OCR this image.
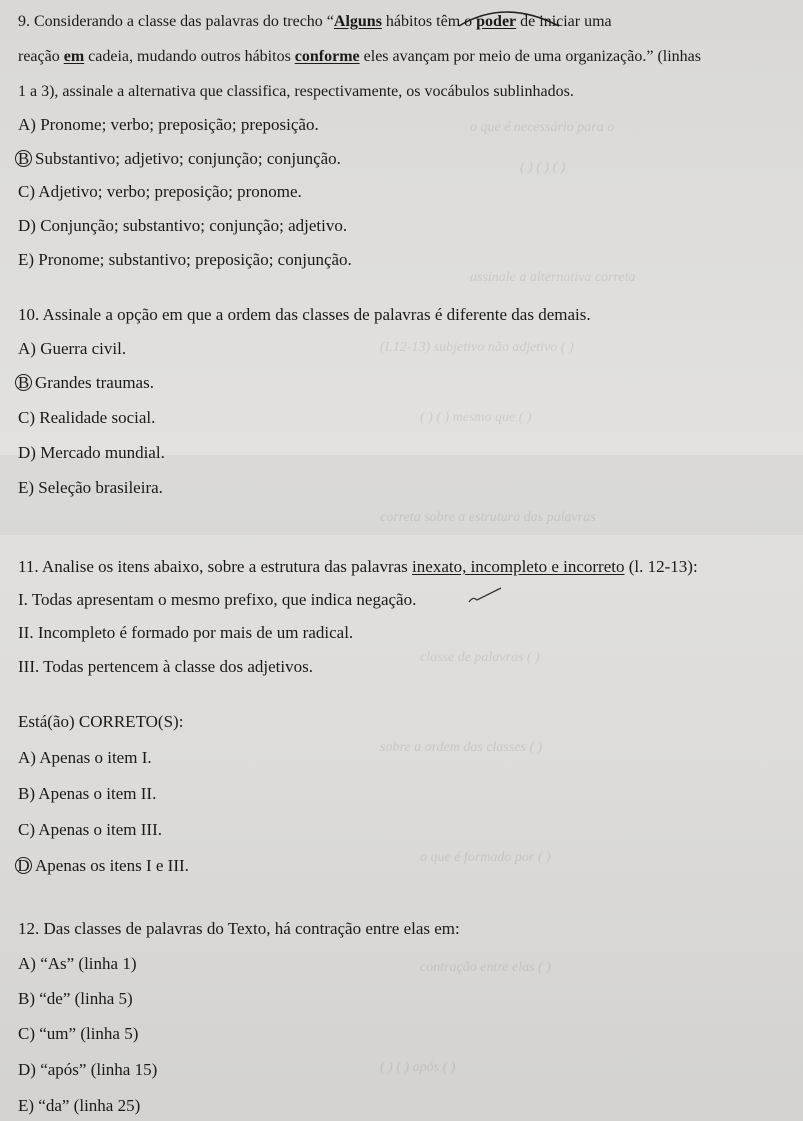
o que é necessário para o
( ) ( ) ( )
assinale a alternativa correta
(I.12-13) subjetivo não adjetivo ( )
( ) ( ) mesmo que ( )
correta sobre a estrutura das palavras
classe de palavras ( )
sobre a ordem das classes ( )
o que é formado por ( )
contração entre elas ( )
( ) ( ) após ( )
9. Considerando a classe das palavras do trecho “Alguns hábitos têm o poder de iniciar uma
reação em cadeia, mudando outros hábitos conforme eles avançam por meio de uma organização.” (linhas
1 a 3), assinale a alternativa que classifica, respectivamente, os vocábulos sublinhados.
A) Pronome; verbo; preposição; preposição.
B Substantivo; adjetivo; conjunção; conjunção.
C) Adjetivo; verbo; preposição; pronome.
D) Conjunção; substantivo; conjunção; adjetivo.
E) Pronome; substantivo; preposição; conjunção.
10. Assinale a opção em que a ordem das classes de palavras é diferente das demais.
A) Guerra civil.
B Grandes traumas.
C) Realidade social.
D) Mercado mundial.
E) Seleção brasileira.
11. Analise os itens abaixo, sobre a estrutura das palavras inexato, incompleto e incorreto (l. 12-13):
I. Todas apresentam o mesmo prefixo, que indica negação.
II. Incompleto é formado por mais de um radical.
III. Todas pertencem à classe dos adjetivos.
Está(ão) CORRETO(S):
A) Apenas o item I.
B) Apenas o item II.
C) Apenas o item III.
D Apenas os itens I e III.
12. Das classes de palavras do Texto, há contração entre elas em:
A) “As” (linha 1)
B) “de” (linha 5)
C) “um” (linha 5)
D) “após” (linha 15)
E) “da” (linha 25)
